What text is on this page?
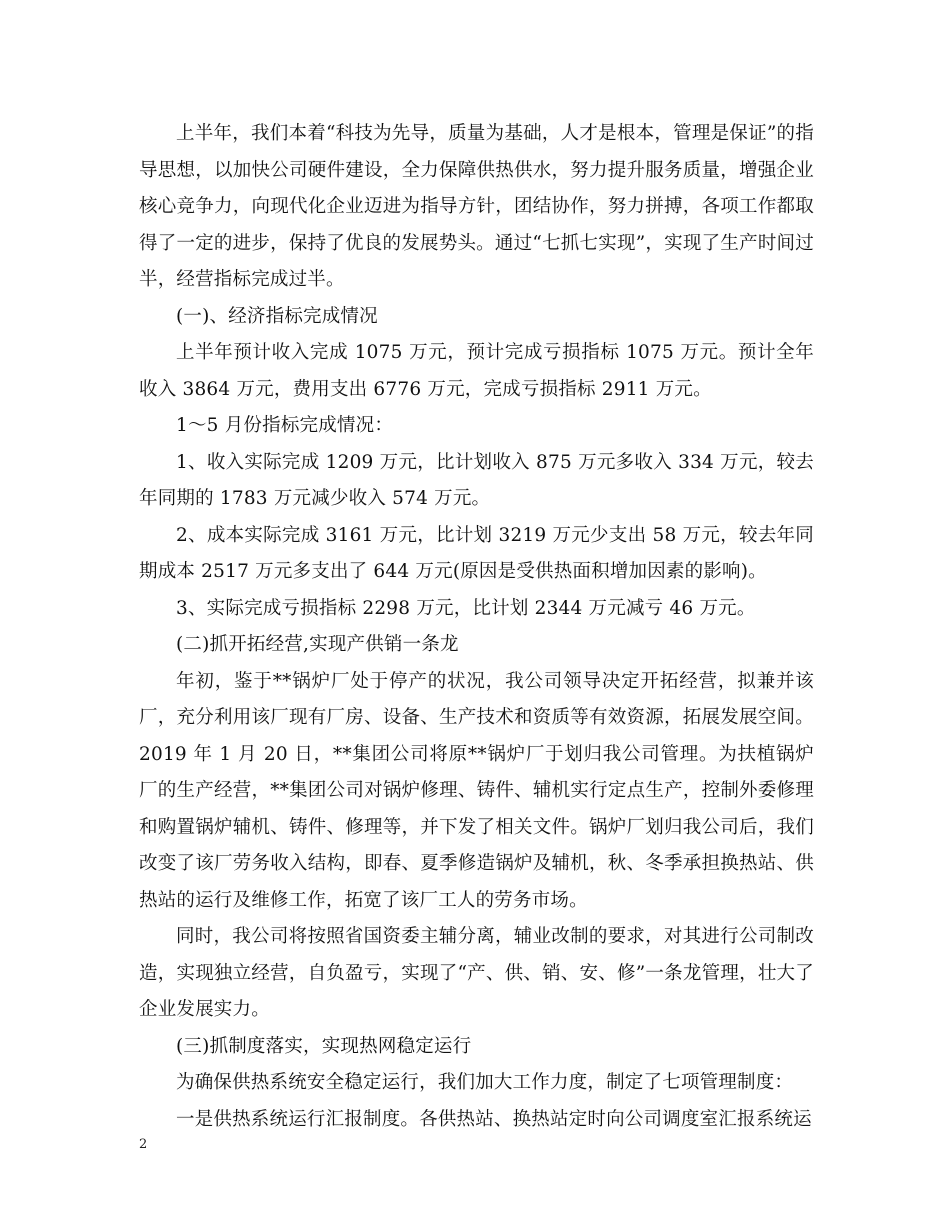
上半年，我们本着“科技为先导，质量为基础，人才是根本，管理是保证”的指导思想，以加快公司硬件建设，全力保障供热供水，努力提升服务质量，增强企业核心竞争力，向现代化企业迈进为指导方针，团结协作，努力拼搏，各项工作都取得了一定的进步，保持了优良的发展势头。通过“七抓七实现”，实现了生产时间过半，经营指标完成过半。

(一)、经济指标完成情况

上半年预计收入完成 1075 万元，预计完成亏损指标 1075 万元。预计全年收入 3864 万元，费用支出 6776 万元，完成亏损指标 2911 万元。

1～5 月份指标完成情况：

1、收入实际完成 1209 万元，比计划收入 875 万元多收入 334 万元，较去年同期的 1783 万元减少收入 574 万元。

2、成本实际完成 3161 万元，比计划 3219 万元少支出 58 万元，较去年同期成本 2517 万元多支出了 644 万元(原因是受供热面积增加因素的影响)。

3、实际完成亏损指标 2298 万元，比计划 2344 万元减亏 46 万元。

(二)抓开拓经营,实现产供销一条龙

年初，鉴于**锅炉厂处于停产的状况，我公司领导决定开拓经营，拟兼并该厂，充分利用该厂现有厂房、设备、生产技术和资质等有效资源，拓展发展空间。2019 年 1 月 20 日，**集团公司将原**锅炉厂于划归我公司管理。为扶植锅炉厂的生产经营，**集团公司对锅炉修理、铸件、辅机实行定点生产，控制外委修理和购置锅炉辅机、铸件、修理等，并下发了相关文件。锅炉厂划归我公司后，我们改变了该厂劳务收入结构，即春、夏季修造锅炉及辅机，秋、冬季承担换热站、供热站的运行及维修工作，拓宽了该厂工人的劳务市场。

同时，我公司将按照省国资委主辅分离，辅业改制的要求，对其进行公司制改造，实现独立经营，自负盈亏，实现了“产、供、销、安、修”一条龙管理，壮大了企业发展实力。

(三)抓制度落实，实现热网稳定运行

为确保供热系统安全稳定运行，我们加大工作力度，制定了七项管理制度：

一是供热系统运行汇报制度。各供热站、换热站定时向公司调度室汇报系统运

2
